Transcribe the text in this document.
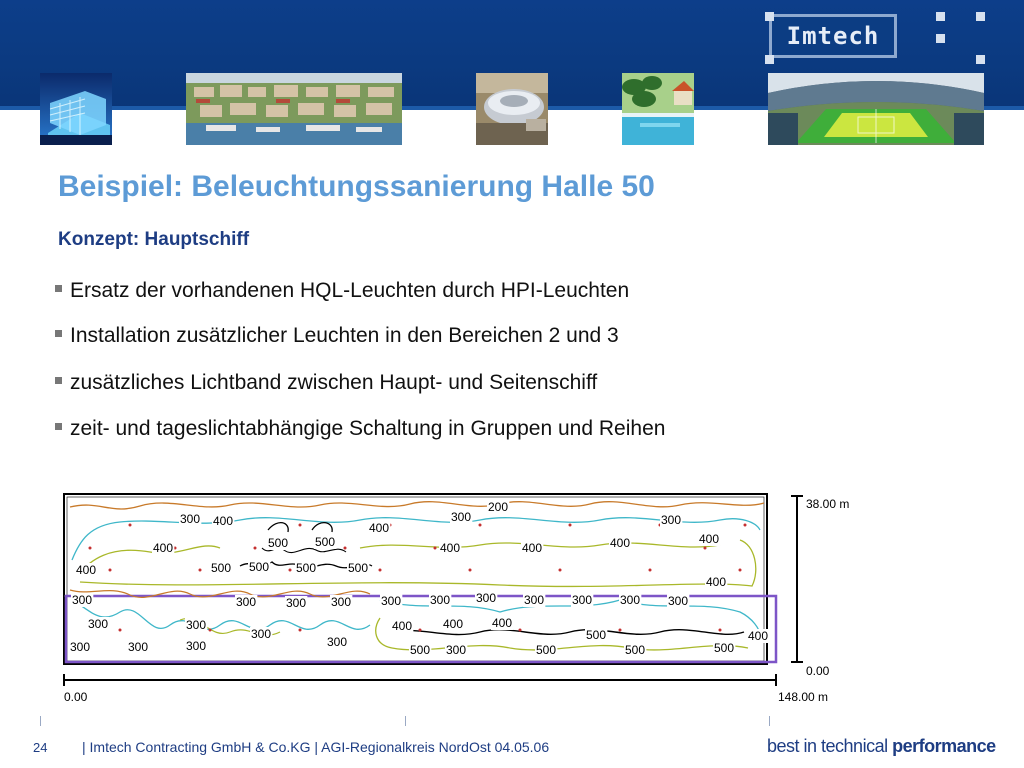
Imtech
Beispiel: Beleuchtungssanierung Halle 50
Konzept: Hauptschiff
Ersatz der vorhandenen HQL-Leuchten durch HPI-Leuchten
Installation zusätzlicher Leuchten in den Bereichen 2 und 3
zusätzliches Lichtband zwischen Haupt- und Seitenschiff
zeit- und tageslichtabhängige Schaltung in Gruppen und Reihen
300 400
500 500
400
300
200
300
400	400	400	400	400
500 500 500	500
400
400
300	300 300 300 300 300 300 300 300 300 300
300	300
300
300
400	400 400
500
300	300	300	300
400
500	500	500
500
38.00 m
0.00
0.00	148.00 m
24 | Imtech Contracting GmbH & Co.KG | AGI-Regionalkreis NordOst 04.05.06	best in technical performance
